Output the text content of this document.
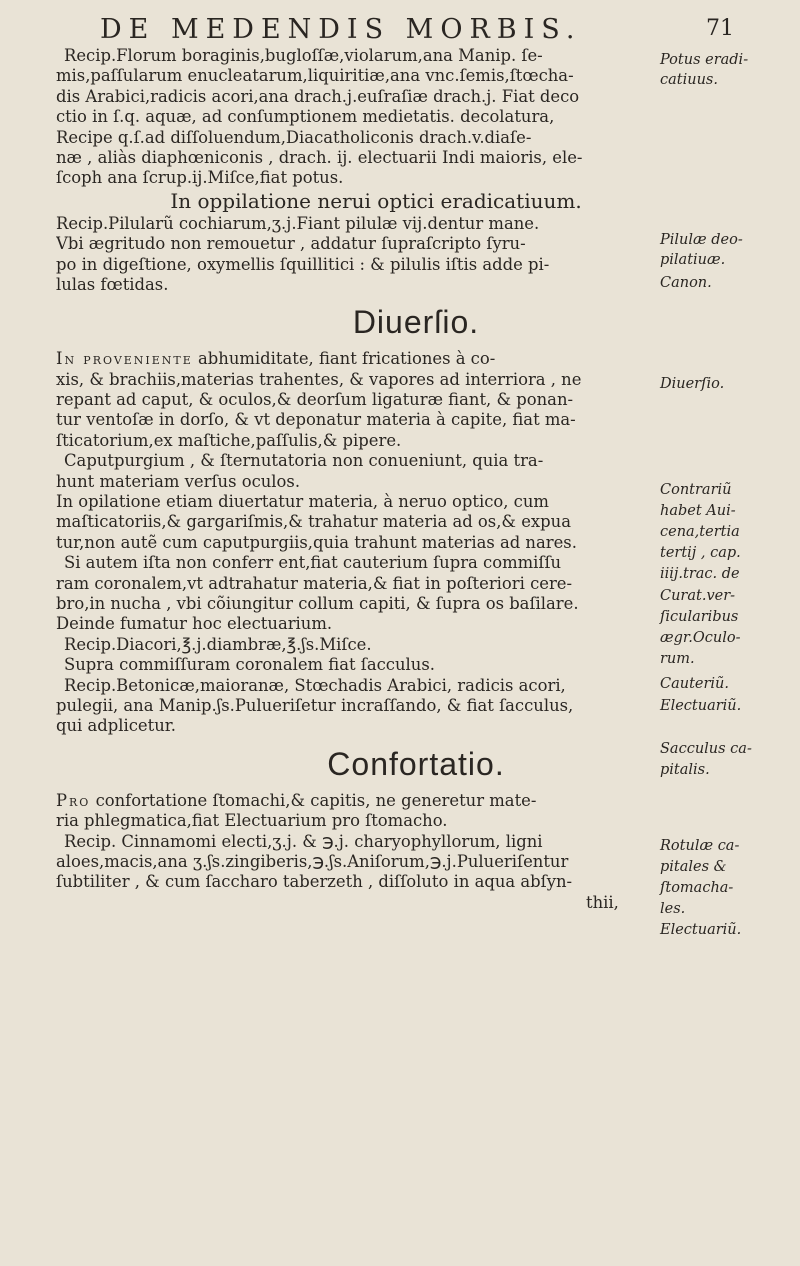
DE MEDENDIS MORBIS.	71
Recip.Florum boraginis,bugloſſæ,violarum,ana Manip. ſe-
mis,paſſularum enucleatarum,liquiritiæ,ana vnc.ſemis,ſtœcha-
dis Arabici,radicis acori,ana drach.j.euſraſiæ drach.j. Fiat deco
ctio in ſ.q. aquæ, ad conſumptionem medietatis. decolatura,
Recipe q.ſ.ad diſſoluendum,Diacatholiconis drach.v.diaſe-
næ , aliàs diaphœniconis , drach. ij. electuarii Indi maioris, ele-
ſcoph ana ſcrup.ij.Miſce,fiat potus.
In oppilatione nerui optici eradicatiuum.
Recip.Pilularũ cochiarum,ʒ.j.Fiant pilulæ vij.dentur mane.
Vbi ægritudo non remouetur , addatur ſupraſcripto ſyru-
po in digeſtione, oxymellis ſquillitici : & pilulis iſtis adde pi-
lulas fœtidas.
Diuerſio.
In proveniente abhumiditate, fiant fricationes à co-
xis, & brachiis,materias trahentes, & vapores ad interriora , ne
repant ad caput, & oculos,& deorſum ligaturæ fiant, & ponan-
tur ventoſæ in dorſo, & vt deponatur materia à capite, fiat ma-
ſticatorium,ex maſtiche,paſſulis,& pipere.
Caputpurgium , & ſternutatoria non conueniunt, quia tra-
hunt materiam verſus oculos.
In opilatione etiam diuertatur materia, à neruo optico, cum
maſticatoriis,& gargariſmis,& trahatur materia ad os,& expua
tur,non autẽ cum caputpurgiis,quia trahunt materias ad nares.
Si autem iſta non conferr ent,fiat cauterium ſupra commiſſu
ram coronalem,vt adtrahatur materia,& fiat in poſteriori cere-
bro,in nucha , vbi cõiungitur collum capiti, & ſupra os baſilare.
Deinde fumatur hoc electuarium.
Recip.Diacori,℥.j.diambræ,℥.ʃs.Miſce.
Supra commiſſuram coronalem fiat ſacculus.
Recip.Betonicæ,maioranæ, Stœchadis Arabici, radicis acori,
pulegii, ana Manip.ʃs.Pulueriſetur incraſſando, & fiat ſacculus,
qui adplicetur.
Confortatio.
Pro confortatione ſtomachi,& capitis, ne generetur mate-
ria phlegmatica,fiat Electuarium pro ſtomacho.
Recip. Cinnamomi electi,ʒ.j. & ℈.j. charyophyllorum, ligni
aloes,macis,ana ʒ.ʃs.zingiberis,℈.ʃs.Aniſorum,℈.j.Pulueriſentur
ſubtiliter , & cum ſaccharo taberzeth , diſſoluto in aqua abſyn-
thii,
Potus eradi-
catiuus.
Pilulæ deo-
pilatiuæ.
Canon.
Diuerſio.
Contrariũ
habet Aui-
cena,tertia
tertij , cap.
iiij.trac. de
Curat.ver-
ſicularibus
ægr.Oculo-
rum.
Cauteriũ.
Electuariũ.
Sacculus ca-
pitalis.
Rotulæ ca-
pitales &
ſtomacha-
les.
Electuariũ.
